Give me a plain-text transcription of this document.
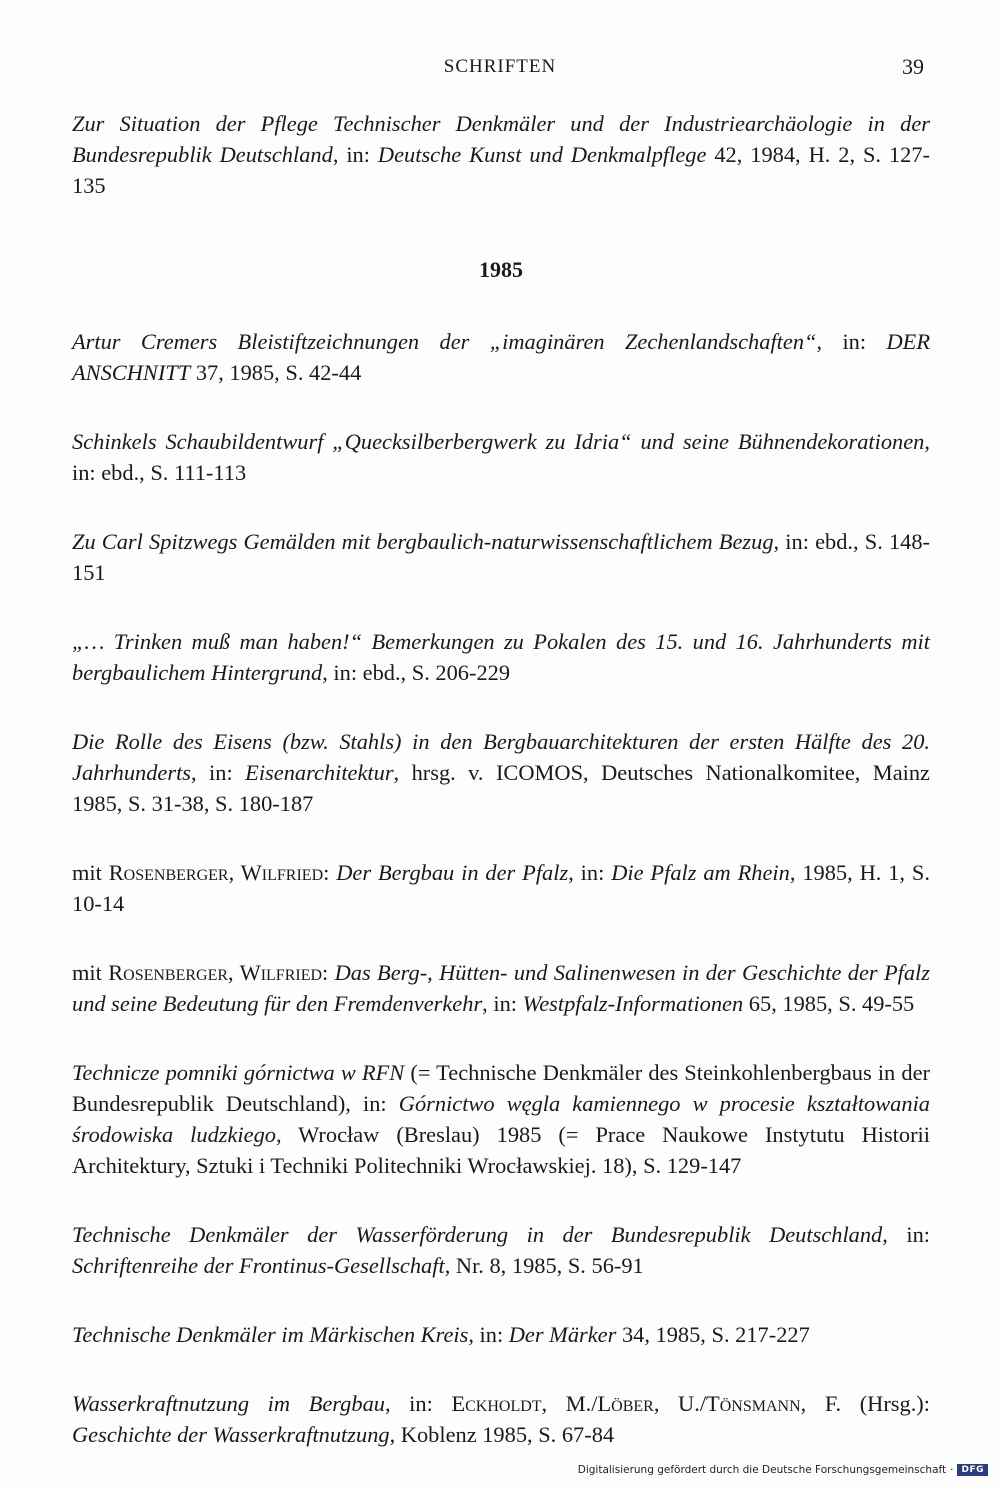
SCHRIFTEN	39

Zur Situation der Pflege Technischer Denkmäler und der Industriearchäologie in der Bundesrepublik Deutschland, in: Deutsche Kunst und Denkmalpflege 42, 1984, H. 2, S. 127-135

1985

Artur Cremers Bleistiftzeichnungen der „imaginären Zechenlandschaften“, in: DER ANSCHNITT 37, 1985, S. 42-44

Schinkels Schaubildentwurf „Quecksilberbergwerk zu Idria“ und seine Bühnendekorationen, in: ebd., S. 111-113

Zu Carl Spitzwegs Gemälden mit bergbaulich-naturwissenschaftlichem Bezug, in: ebd., S. 148-151

„… Trinken muß man haben!“ Bemerkungen zu Pokalen des 15. und 16. Jahrhunderts mit bergbaulichem Hintergrund, in: ebd., S. 206-229

Die Rolle des Eisens (bzw. Stahls) in den Bergbauarchitekturen der ersten Hälfte des 20. Jahrhunderts, in: Eisenarchitektur, hrsg. v. ICOMOS, Deutsches Nationalkomitee, Mainz 1985, S. 31-38, S. 180-187

mit Rosenberger, Wilfried: Der Bergbau in der Pfalz, in: Die Pfalz am Rhein, 1985, H. 1, S. 10-14

mit Rosenberger, Wilfried: Das Berg-, Hütten- und Salinenwesen in der Geschichte der Pfalz und seine Bedeutung für den Fremdenverkehr, in: Westpfalz-Informationen 65, 1985, S. 49-55

Technicze pomniki górnictwa w RFN (= Technische Denkmäler des Steinkohlenbergbaus in der Bundesrepublik Deutschland), in: Górnictwo węgla kamiennego w procesie kształtowania środowiska ludzkiego, Wrocław (Breslau) 1985 (= Prace Naukowe Instytutu Historii Architektury, Sztuki i Techniki Politechniki Wrocławskiej. 18), S. 129-147

Technische Denkmäler der Wasserförderung in der Bundesrepublik Deutschland, in: Schriftenreihe der Frontinus-Gesellschaft, Nr. 8, 1985, S. 56-91

Technische Denkmäler im Märkischen Kreis, in: Der Märker 34, 1985, S. 217-227

Wasserkraftnutzung im Bergbau, in: Eckholdt, M./Löber, U./Tönsmann, F. (Hrsg.): Geschichte der Wasserkraftnutzung, Koblenz 1985, S. 67-84

Digitalisierung gefördert durch die Deutsche Forschungsgemeinschaft · DFG
